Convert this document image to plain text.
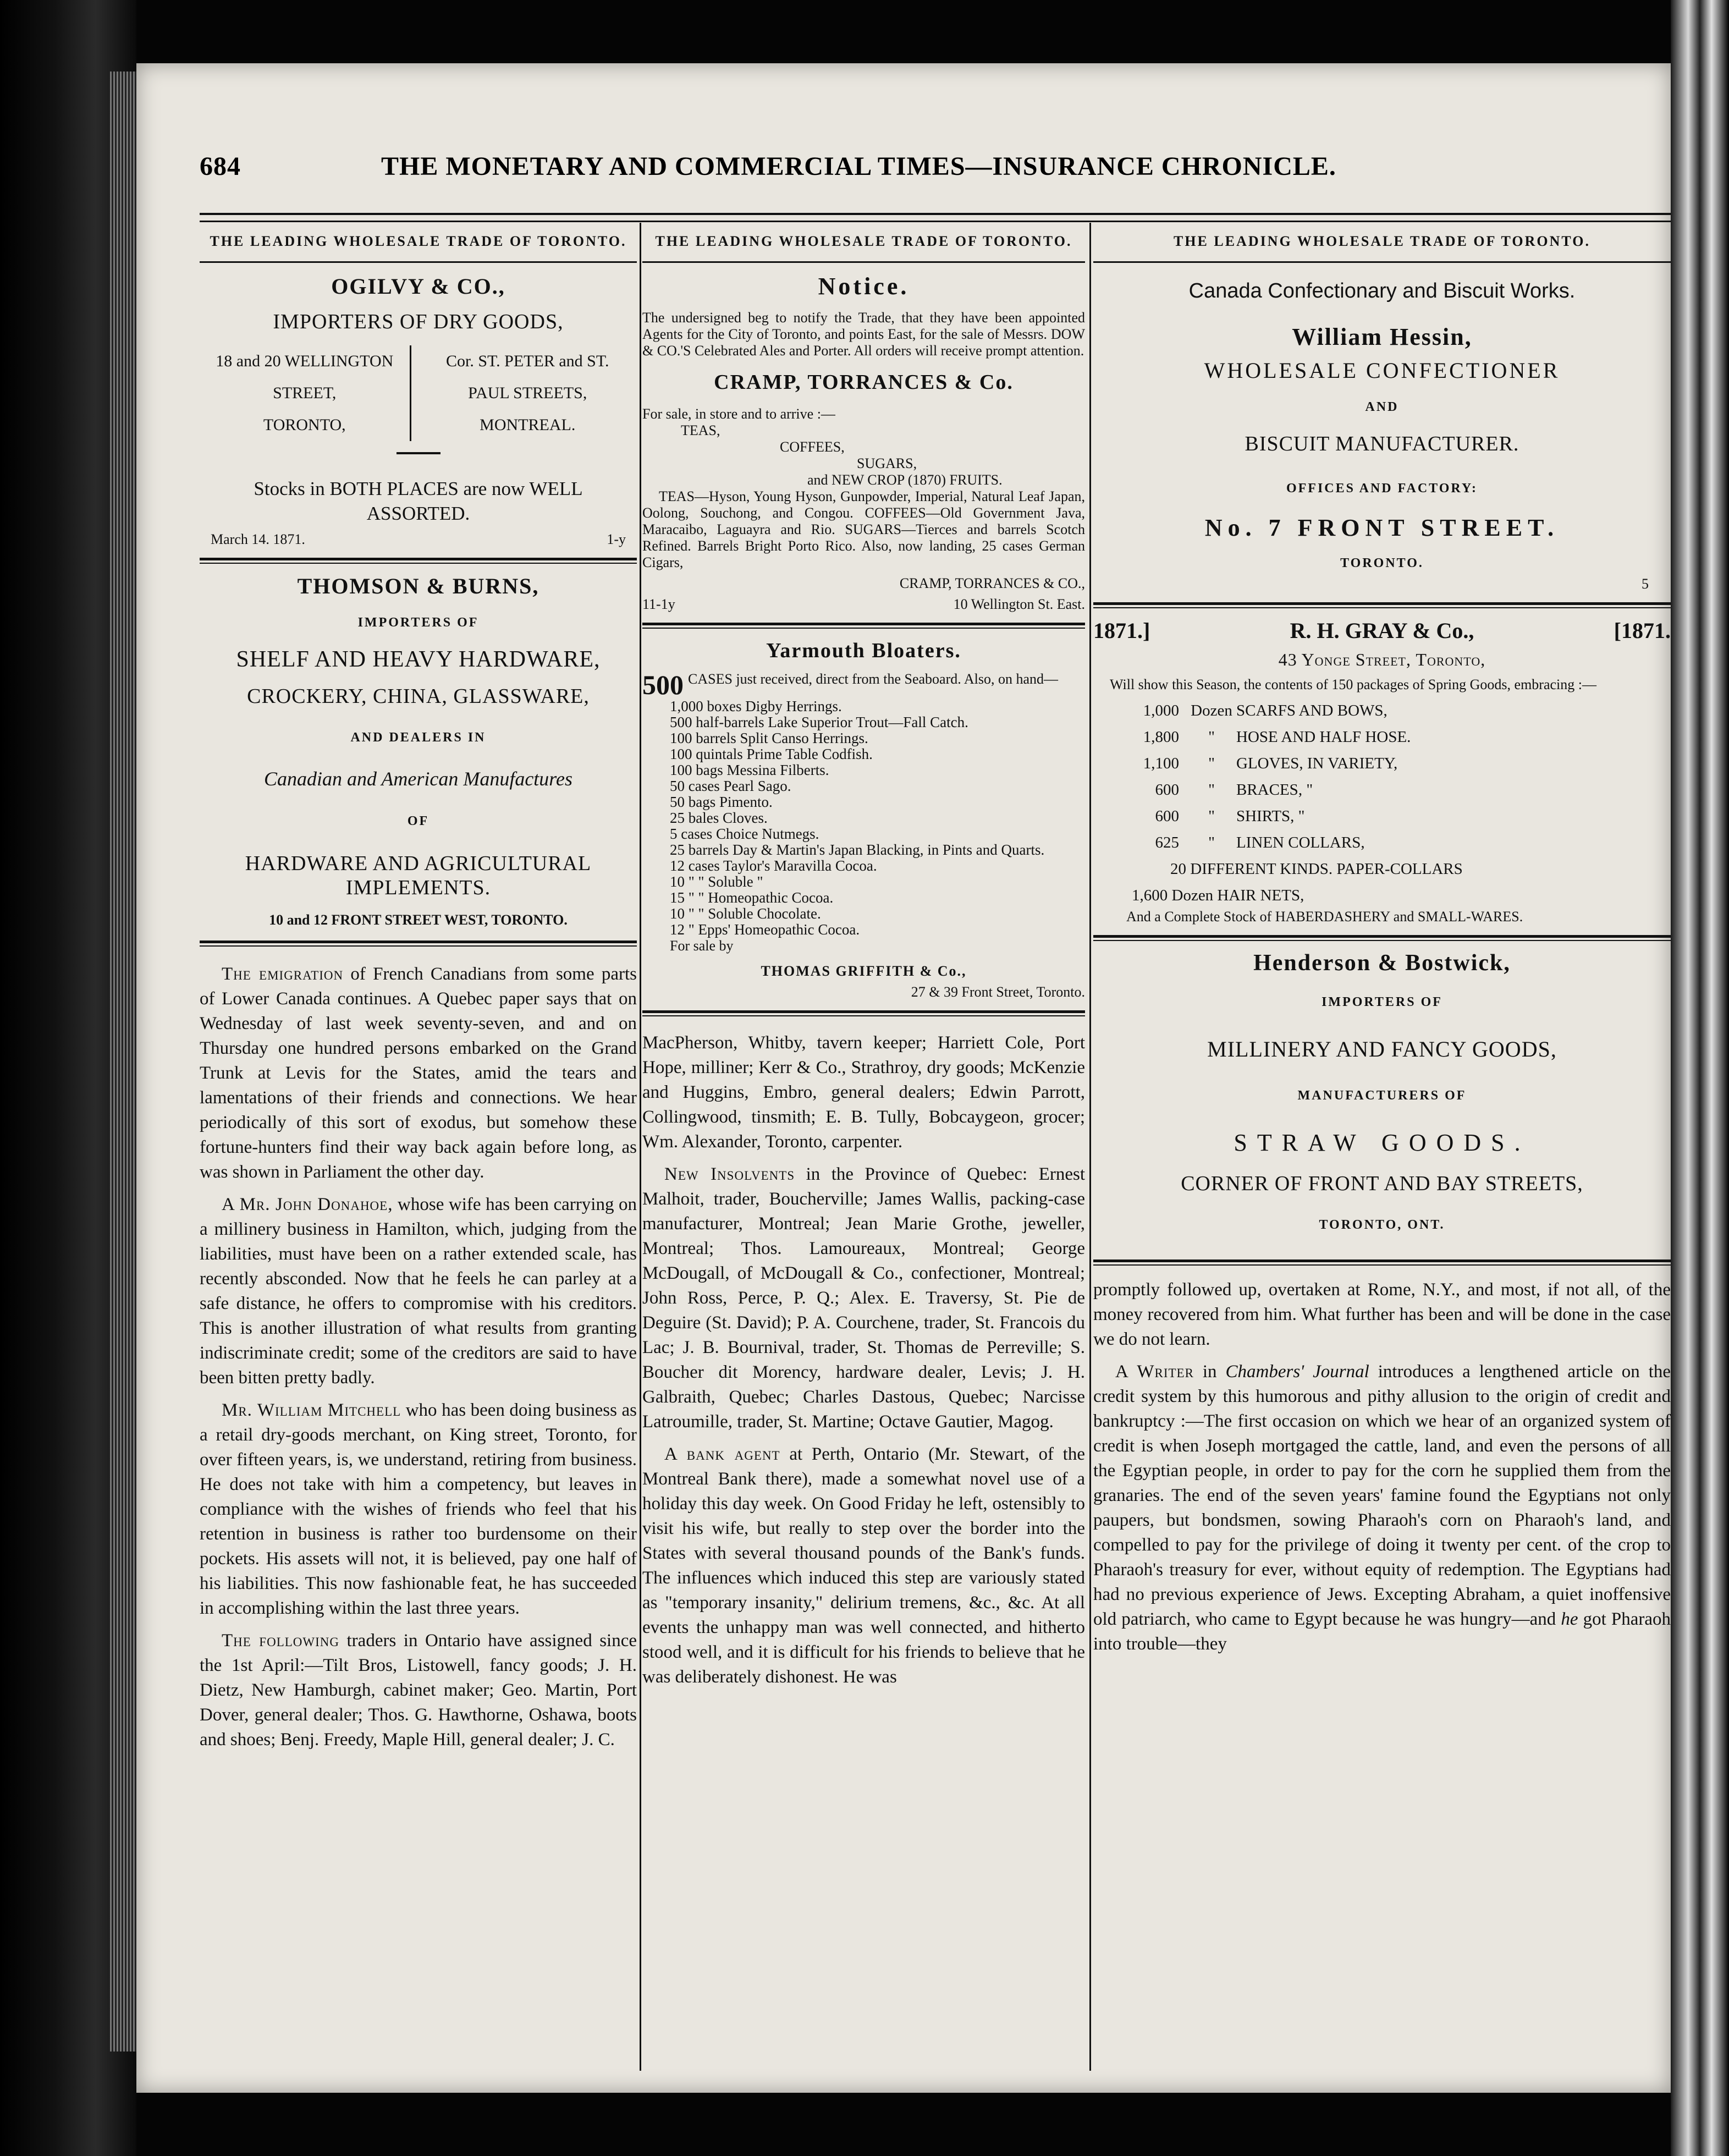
684	THE MONETARY AND COMMERCIAL TIMES—INSURANCE CHRONICLE.
THE LEADING WHOLESALE TRADE OF TORONTO.
OGILVY & CO.,
IMPORTERS OF DRY GOODS,
18 and 20 WELLINGTON
STREET,
TORONTO,
Cor. ST. PETER and ST.
PAUL STREETS,
MONTREAL.
Stocks in BOTH PLACES are now WELL ASSORTED.
March 14. 1871.	1-y
THOMSON & BURNS,
IMPORTERS OF
SHELF AND HEAVY HARDWARE,
CROCKERY, CHINA, GLASSWARE,
AND DEALERS IN
Canadian and American Manufactures
OF
HARDWARE AND AGRICULTURAL IMPLEMENTS.
10 and 12 FRONT STREET WEST, TORONTO.

The emigration of French Canadians from some parts of Lower Canada continues. A Quebec paper says that on Wednesday of last week seventy-seven, and and on Thursday one hundred persons embarked on the Grand Trunk at Levis for the States, amid the tears and lamentations of their friends and connections. We hear periodically of this sort of exodus, but somehow these fortune-hunters find their way back again before long, as was shown in Parliament the other day.

A Mr. John Donahoe, whose wife has been carrying on a millinery business in Hamilton, which, judging from the liabilities, must have been on a rather extended scale, has recently absconded. Now that he feels he can parley at a safe distance, he offers to compromise with his creditors. This is another illustration of what results from granting indiscriminate credit; some of the creditors are said to have been bitten pretty badly.

Mr. William Mitchell who has been doing business as a retail dry-goods merchant, on King street, Toronto, for over fifteen years, is, we understand, retiring from business. He does not take with him a competency, but leaves in compliance with the wishes of friends who feel that his retention in business is rather too burdensome on their pockets. His assets will not, it is believed, pay one half of his liabilities. This now fashionable feat, he has succeeded in accomplishing within the last three years.

The following traders in Ontario have assigned since the 1st April:—Tilt Bros, Listowell, fancy goods; J. H. Dietz, New Hamburgh, cabinet maker; Geo. Martin, Port Dover, general dealer; Thos. G. Hawthorne, Oshawa, boots and shoes; Benj. Freedy, Maple Hill, general dealer; J. C.

THE LEADING WHOLESALE TRADE OF TORONTO.
Notice.
The undersigned beg to notify the Trade, that they have been appointed Agents for the City of Toronto, and points East, for the sale of Messrs. DOW & CO.'S Celebrated Ales and Porter. All orders will receive prompt attention.
CRAMP, TORRANCES & Co.
For sale, in store and to arrive :—
TEAS,
COFFEES,
SUGARS,
and NEW CROP (1870) FRUITS.
TEAS—Hyson, Young Hyson, Gunpowder, Imperial, Natural Leaf Japan, Oolong, Souchong, and Congou. COFFEES—Old Government Java, Maracaibo, Laguayra and Rio. SUGARS—Tierces and barrels Scotch Refined. Barrels Bright Porto Rico. Also, now landing, 25 cases German Cigars,
CRAMP, TORRANCES & CO.,
11-1y	10 Wellington St. East.
Yarmouth Bloaters.
500 CASES just received, direct from the Seaboard. Also, on hand—
1,000 boxes Digby Herrings.
500 half-barrels Lake Superior Trout—Fall Catch.
100 barrels Split Canso Herrings.
100 quintals Prime Table Codfish.
100 bags Messina Filberts.
50 cases Pearl Sago.
50 bags Pimento.
25 bales Cloves.
5 cases Choice Nutmegs.
25 barrels Day & Martin's Japan Blacking, in Pints and Quarts.
12 cases Taylor's Maravilla Cocoa.
10 " " Soluble "
15 " " Homeopathic Cocoa.
10 " " Soluble Chocolate.
12 " Epps' Homeopathic Cocoa.
For sale by
THOMAS GRIFFITH & Co.,
27 & 39 Front Street, Toronto.

MacPherson, Whitby, tavern keeper; Harriett Cole, Port Hope, milliner; Kerr & Co., Strathroy, dry goods; McKenzie and Huggins, Embro, general dealers; Edwin Parrott, Collingwood, tinsmith; E. B. Tully, Bobcaygeon, grocer; Wm. Alexander, Toronto, carpenter.

New Insolvents in the Province of Quebec: Ernest Malhoit, trader, Boucherville; James Wallis, packing-case manufacturer, Montreal; Jean Marie Grothe, jeweller, Montreal; Thos. Lamoureaux, Montreal; George McDougall, of McDougall & Co., confectioner, Montreal; John Ross, Perce, P. Q.; Alex. E. Traversy, St. Pie de Deguire (St. David); P. A. Courchene, trader, St. Francois du Lac; J. B. Bournival, trader, St. Thomas de Perreville; S. Boucher dit Morency, hardware dealer, Levis; J. H. Galbraith, Quebec; Charles Dastous, Quebec; Narcisse Latroumille, trader, St. Martine; Octave Gautier, Magog.

A bank agent at Perth, Ontario (Mr. Stewart, of the Montreal Bank there), made a somewhat novel use of a holiday this day week. On Good Friday he left, ostensibly to visit his wife, but really to step over the border into the States with several thousand pounds of the Bank's funds. The influences which induced this step are variously stated as "temporary insanity," delirium tremens, &c., &c. At all events the unhappy man was well connected, and hitherto stood well, and it is difficult for his friends to believe that he was deliberately dishonest. He was

THE LEADING WHOLESALE TRADE OF TORONTO.
Canada Confectionary and Biscuit Works.
William Hessin,
WHOLESALE CONFECTIONER
AND
BISCUIT MANUFACTURER.
OFFICES AND FACTORY:
No. 7 FRONT STREET.
TORONTO.
5
1871.]	R. H. GRAY & Co.,	[1871.
43 Yonge Street, Toronto,
Will show this Season, the contents of 150 packages of Spring Goods, embracing :—
1,000 Dozen SCARFS AND BOWS,
1,800	"	HOSE AND HALF HOSE.
1,100	"	GLOVES, IN VARIETY,
600	"	BRACES, "
600	"	SHIRTS, "
625	"	LINEN COLLARS,
20 DIFFERENT KINDS. PAPER-COLLARS
1,600 Dozen HAIR NETS,
And a Complete Stock of HABERDASHERY and SMALL-WARES.
Henderson & Bostwick,
IMPORTERS OF
MILLINERY AND FANCY GOODS,
MANUFACTURERS OF
STRAW GOODS.
CORNER OF FRONT AND BAY STREETS,
TORONTO, ONT.

promptly followed up, overtaken at Rome, N.Y., and most, if not all, of the money recovered from him. What further has been and will be done in the case we do not learn.

A Writer in Chambers' Journal introduces a lengthened article on the credit system by this humorous and pithy allusion to the origin of credit and bankruptcy :—The first occasion on which we hear of an organized system of credit is when Joseph mortgaged the cattle, land, and even the persons of all the Egyptian people, in order to pay for the corn he supplied them from the granaries. The end of the seven years' famine found the Egyptians not only paupers, but bondsmen, sowing Pharaoh's corn on Pharaoh's land, and compelled to pay for the privilege of doing it twenty per cent. of the crop to Pharaoh's treasury for ever, without equity of redemption. The Egyptians had had no previous experience of Jews. Excepting Abraham, a quiet inoffensive old patriarch, who came to Egypt because he was hungry—and he got Pharaoh into trouble—they
